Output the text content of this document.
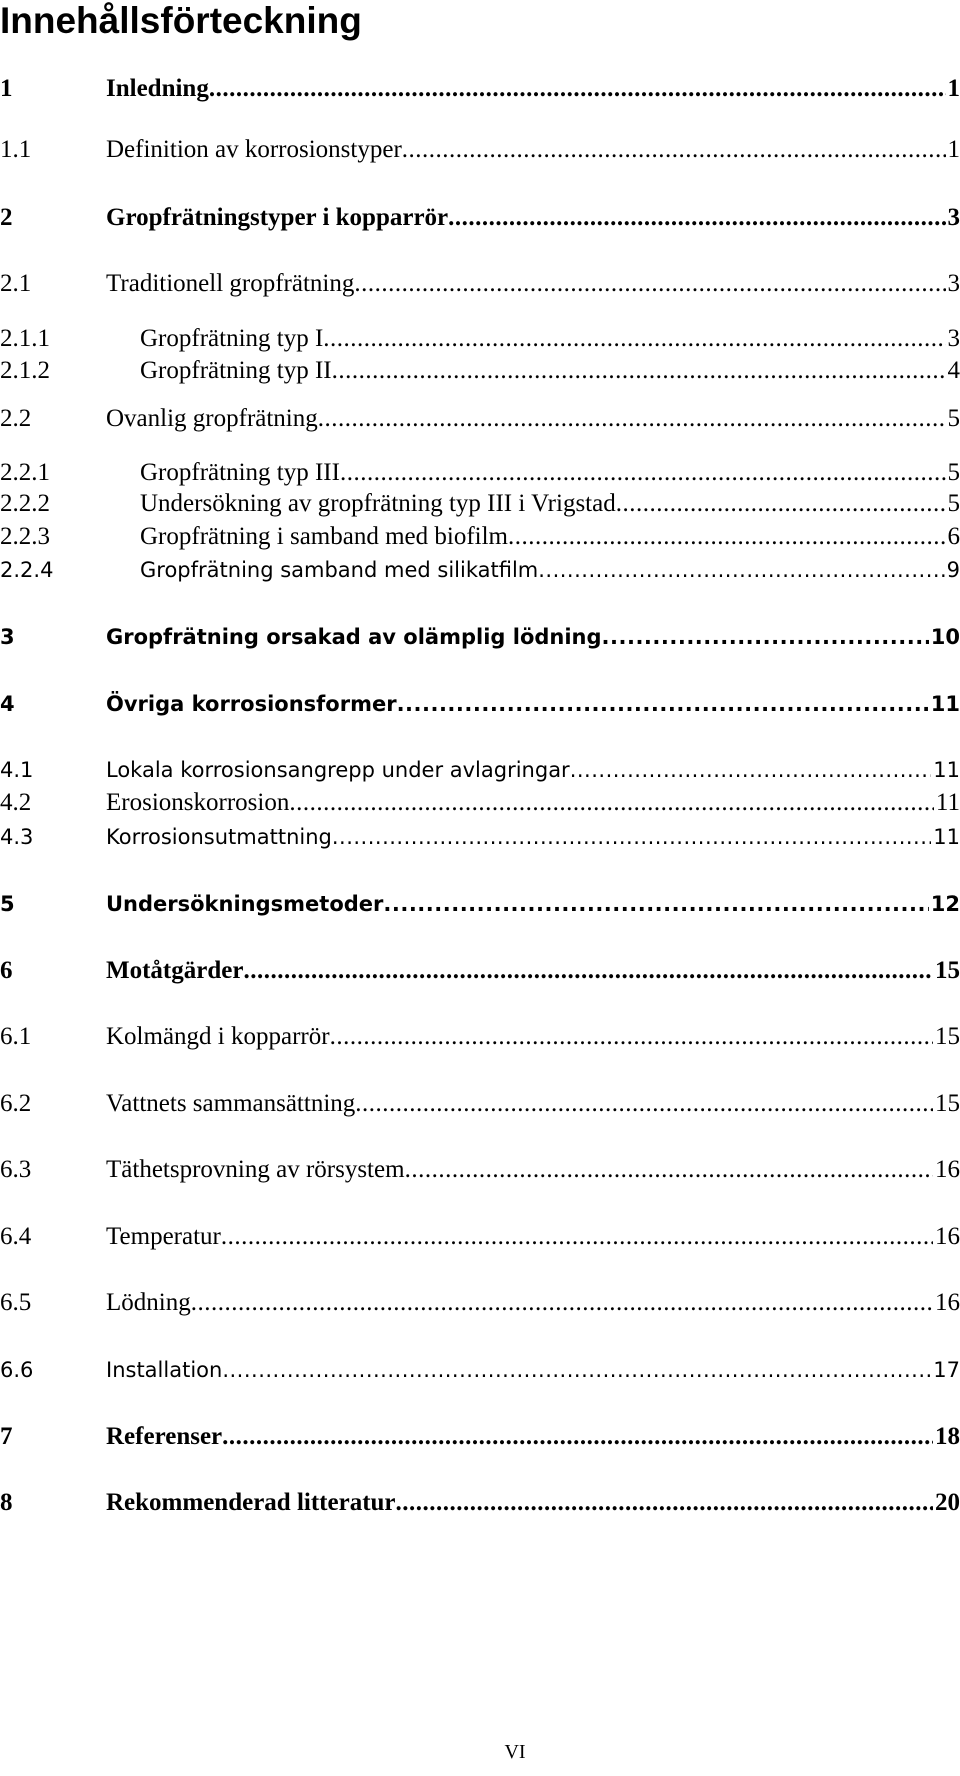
Innehållsförteckning
1	Inledning .....	1
1.1	Definition av korrosionstyper .....	1
2	Gropfrätningstyper i kopparrör .....	3
2.1	Traditionell gropfrätning .....	3
2.1.1	Gropfrätning typ I .....	3
2.1.2	Gropfrätning typ II .....	4
2.2	Ovanlig gropfrätning .....	5
2.2.1	Gropfrätning typ III .....	5
2.2.2	Undersökning av gropfrätning typ III i Vrigstad .....	5
2.2.3	Gropfrätning i samband med biofilm .....	6
2.2.4	Gropfrätning samband med silikatfilm .....	9
3	Gropfrätning orsakad av olämplig lödning .....	10
4	Övriga korrosionsformer .....	11
4.1	Lokala korrosionsangrepp under avlagringar .....	11
4.2	Erosionskorrosion .....	11
4.3	Korrosionsutmattning .....	11
5	Undersökningsmetoder .....	12
6	Motåtgärder .....	15
6.1	Kolmängd i kopparrör .....	15
6.2	Vattnets sammansättning .....	15
6.3	Täthetsprovning av rörsystem .....	16
6.4	Temperatur .....	16
6.5	Lödning .....	16
6.6	Installation .....	17
7	Referenser .....	18
8	Rekommenderad litteratur .....	20
VI
